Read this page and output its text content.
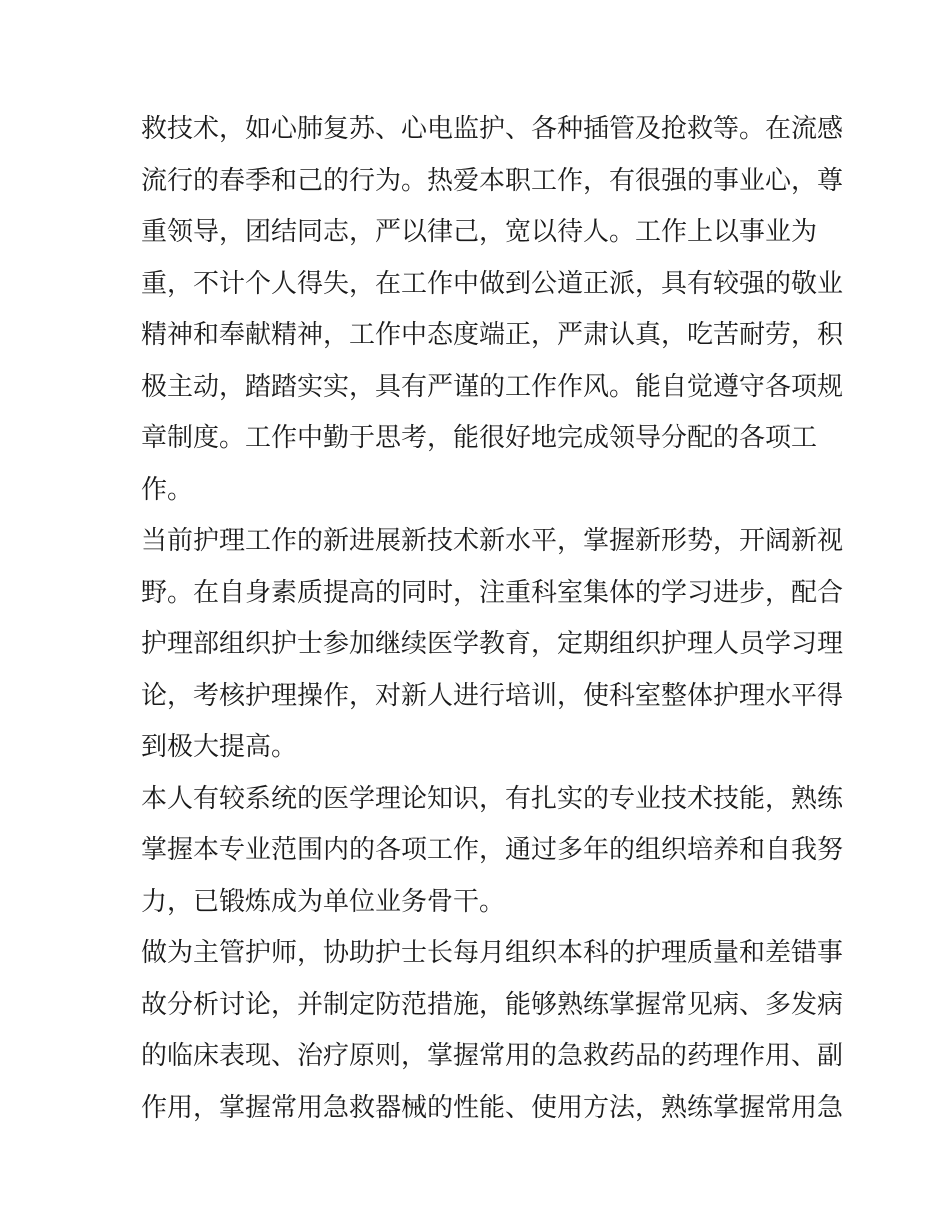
救技术，如心肺复苏、心电监护、各种插管及抢救等。在流感
流行的春季和己的行为。热爱本职工作，有很强的事业心，尊
重领导，团结同志，严以律己，宽以待人。工作上以事业为
重，不计个人得失，在工作中做到公道正派，具有较强的敬业
精神和奉献精神，工作中态度端正，严肃认真，吃苦耐劳，积
极主动，踏踏实实，具有严谨的工作作风。能自觉遵守各项规
章制度。工作中勤于思考，能很好地完成领导分配的各项工
作。
当前护理工作的新进展新技术新水平，掌握新形势，开阔新视
野。在自身素质提高的同时，注重科室集体的学习进步，配合
护理部组织护士参加继续医学教育，定期组织护理人员学习理
论，考核护理操作，对新人进行培训，使科室整体护理水平得
到极大提高。
本人有较系统的医学理论知识，有扎实的专业技术技能，熟练
掌握本专业范围内的各项工作，通过多年的组织培养和自我努
力，已锻炼成为单位业务骨干。
做为主管护师，协助护士长每月组织本科的护理质量和差错事
故分析讨论，并制定防范措施，能够熟练掌握常见病、多发病
的临床表现、治疗原则，掌握常用的急救药品的药理作用、副
作用，掌握常用急救器械的性能、使用方法，熟练掌握常用急
